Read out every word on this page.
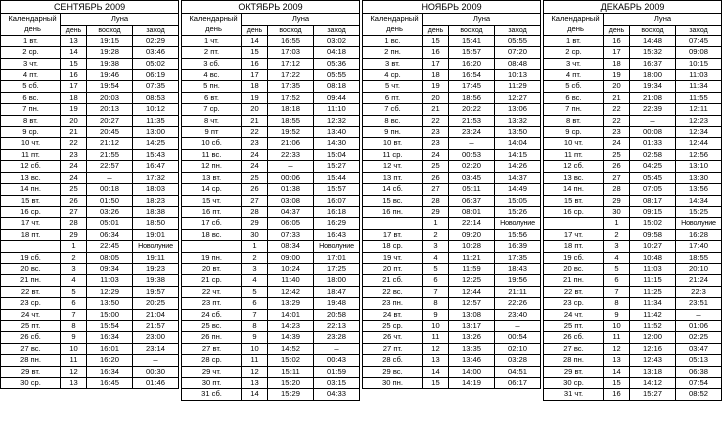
СЕНТЯБРЬ 2009			

Календарный
день	Луна		
	день	восход	заход
1 вт.	13	19:15	02:29
2 ср.	14	19:28	03:46
3 чт.	15	19:38	05:02
4 пт.	16	19:46	06:19
5 сб.	17	19:54	07:35
6 вс.	18	20:03	08:53
7 пн.	19	20:13	10:12
8 вт.	20	20:27	11:35
9 ср.	21	20:45	13:00
10 чт.	22	21:12	14:25
11 пт.	23	21:55	15:43
12 сб.	24	22:57	16:47
13 вс.	24	–	17:32
14 пн.	25	00:18	18:03
15 вт.	26	01:50	18:23
16 ср.	27	03:26	18:38
17 чт.	28	05:01	18:50
18 пт.	29	06:34	19:01
	1	22:45	Новолуние
19 сб.	2	08:05	19:11
20 вс.	3	09:34	19:23
21 пн.	4	11:03	19:38
22 вт.	5	12:29	19:57
23 ср.	6	13:50	20:25
24 чт.	7	15:00	21:04
25 пт.	8	15:54	21:57
26 сб.	9	16:34	23:00
27 вс.	10	16:01	23:14
28 пн.	11	16:20	–
29 вт.	12	16:34	00:30
30 ср.	13	16:45	01:46
ОКТЯБРЬ 2009			

Календарный
день	Луна		
	день	восход	заход
1 чт.	14	16:55	03:02
2 пт.	15	17:03	04:18
3 сб.	16	17:12	05:36
4 вс.	17	17:22	05:55
5 пн.	18	17:35	08:18
6 вт.	19	17:52	09:44
7 ср.	20	18:18	11:10
8 чт.	21	18:55	12:32
9 пт	22	19:52	13:40
10 сб.	23	21:06	14:30
11 вс.	24	22:33	15:04
12 пн.	24	–	15:27
13 вт.	25	00:06	15:44
14 ср.	26	01:38	15:57
15 чт.	27	03:08	16:07
16 пт.	28	04:37	16:18
17 сб.	29	06:05	16:29
18 вс.	30	07:33	16:43
	1	08:34	Новолуние
19 пн.	2	09:00	17:01
20 вт.	3	10:24	17:25
21 ср.	4	11:40	18:00
22 чт.	5	12:42	18:47
23 пт.	6	13:29	19:48
24 сб.	7	14:01	20:58
25 вс.	8	14:23	22:13
26 пн.	9	14:39	23:28
27 вт.	10	14:52	–
28 ср.	11	15:02	00:43
29 чт.	12	15:11	01:59
30 пт.	13	15:20	03:15
31 сб.	14	15:29	04:33
НОЯБРЬ 2009			

Календарный
день	Луна		
	день	восход	заход
1 вс.	15	15:41	05:55
2 пн.	16	15:57	07:20
3 вт.	17	16:20	08:48
4 ср.	18	16:54	10:13
5 чт.	19	17:45	11:29
6 пт.	20	18:56	12:27
7 сб.	21	20:22	13:06
8 вс.	22	21:53	13:32
9 пн.	23	23:24	13:50
10 вт.	23	–	14:04
11 ср.	24	00:53	14:15
12 чт.	25	02:20	14:26
13 пт.	26	03:45	14:37
14 сб.	27	05:11	14:49
15 вс.	28	06:37	15:05
16 пн.	29	08:01	15:26
	1	22:14	Новолуние
17 вт.	2	09:20	15:56
18 ср.	3	10:28	16:39
19 чт.	4	11:21	17:35
20 пт.	5	11:59	18:43
21 сб.	6	12:25	19:56
22 вс.	7	12:44	21:11
23 пн.	8	12:57	22:26
24 вт.	9	13:08	23:40
25 ср.	10	13:17	–
26 чт.	11	13:26	00:54
27 пт.	12	13:35	02:10
28 сб.	13	13:46	03:28
29 вс.	14	14:00	04:51
30 пн.	15	14:19	06:17
ДЕКАБРЬ 2009			

Календарный
день	Луна		
	день	восход	заход
1 вт.	16	14:48	07:45
2 ср.	17	15:32	09:08
3 чт.	18	16:37	10:15
4 пт.	19	18:00	11:03
5 сб.	20	19:34	11:34
6 вс.	21	21:08	11:55
7 пн.	22	22:39	12:11
8 вт.	22	–	12:23
9 ср.	23	00:08	12:34
10 чт.	24	01:33	12:44
11 пт.	25	02:58	12:56
12 сб.	26	04:25	13:10
13 вс.	27	05:45	13:30
14 пн.	28	07:05	13:56
15 вт.	29	08:17	14:34
16 ср.	30	09:15	15:25
	1	15:02	Новолуние
17 чт.	2	09:58	16:28
18 пт.	3	10:27	17:40
19 сб.	4	10:48	18:55
20 вс.	5	11:03	20:10
21 пн.	6	11:15	21:24
22 вт.	7	11:25	22:3
23 ср.	8	11:34	23:51
24 чт.	9	11:42	–
25 пт.	10	11:52	01:06
26 сб.	11	12:00	02:25
27 вс.	12	12:16	03:47
28 пн.	13	12:43	05:13
29 вт.	14	13:18	06:38
30 ср.	15	14:12	07:54
31 чт.	16	15:27	08:52
